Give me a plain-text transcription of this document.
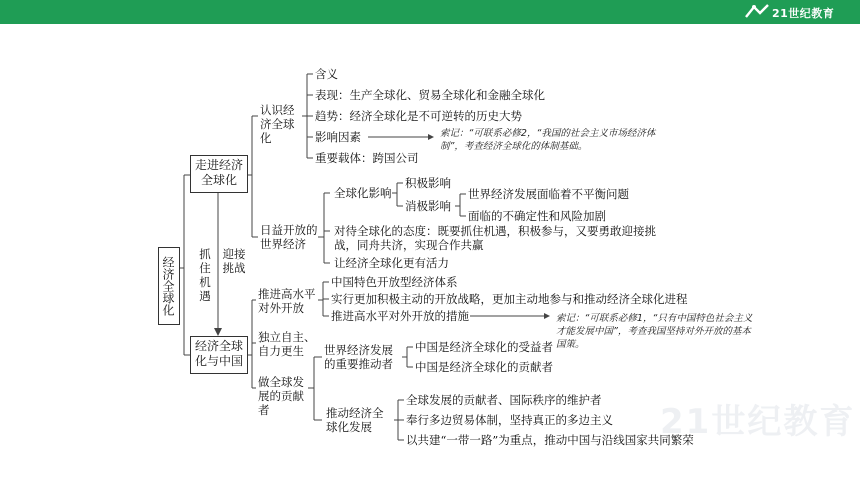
21世纪教育
21世纪教育
经济全球化
走进经济全球化
经济全球化与中国
抓住机遇
迎接挑战
认识经济全球化
含义
表现：生产全球化、贸易全球化和金融全球化
趋势：经济全球化是不可逆转的历史大势
影响因素
重要载体：跨国公司
索记：“可联系必修2，“我国的社会主义市场经济体制”，考查经济全球化的体制基础。
日益开放的世界经济
全球化影响
积极影响
消极影响
世界经济发展面临着不平衡问题
面临的不确定性和风险加剧
对待全球化的态度：既要抓住机遇，积极参与，又要勇敢迎接挑战，同舟共济，实现合作共赢
让经济全球化更有活力
推进高水平对外开放
中国特色开放型经济体系
实行更加积极主动的开放战略，更加主动地参与和推动经济全球化进程
推进高水平对外开放的措施	索记：“可联系必修1，“只有中国特色社会主义才能发展中国”，考查我国坚持对外开放的基本国策。
独立自主、自力更生
做全球发展的贡献者
世界经济发展的重要推动者
中国是经济全球化的受益者
中国是经济全球化的贡献者
推动经济全球化发展
全球发展的贡献者、国际秩序的维护者
奉行多边贸易体制，坚持真正的多边主义
以共建“一带一路”为重点，推动中国与沿线国家共同繁荣
